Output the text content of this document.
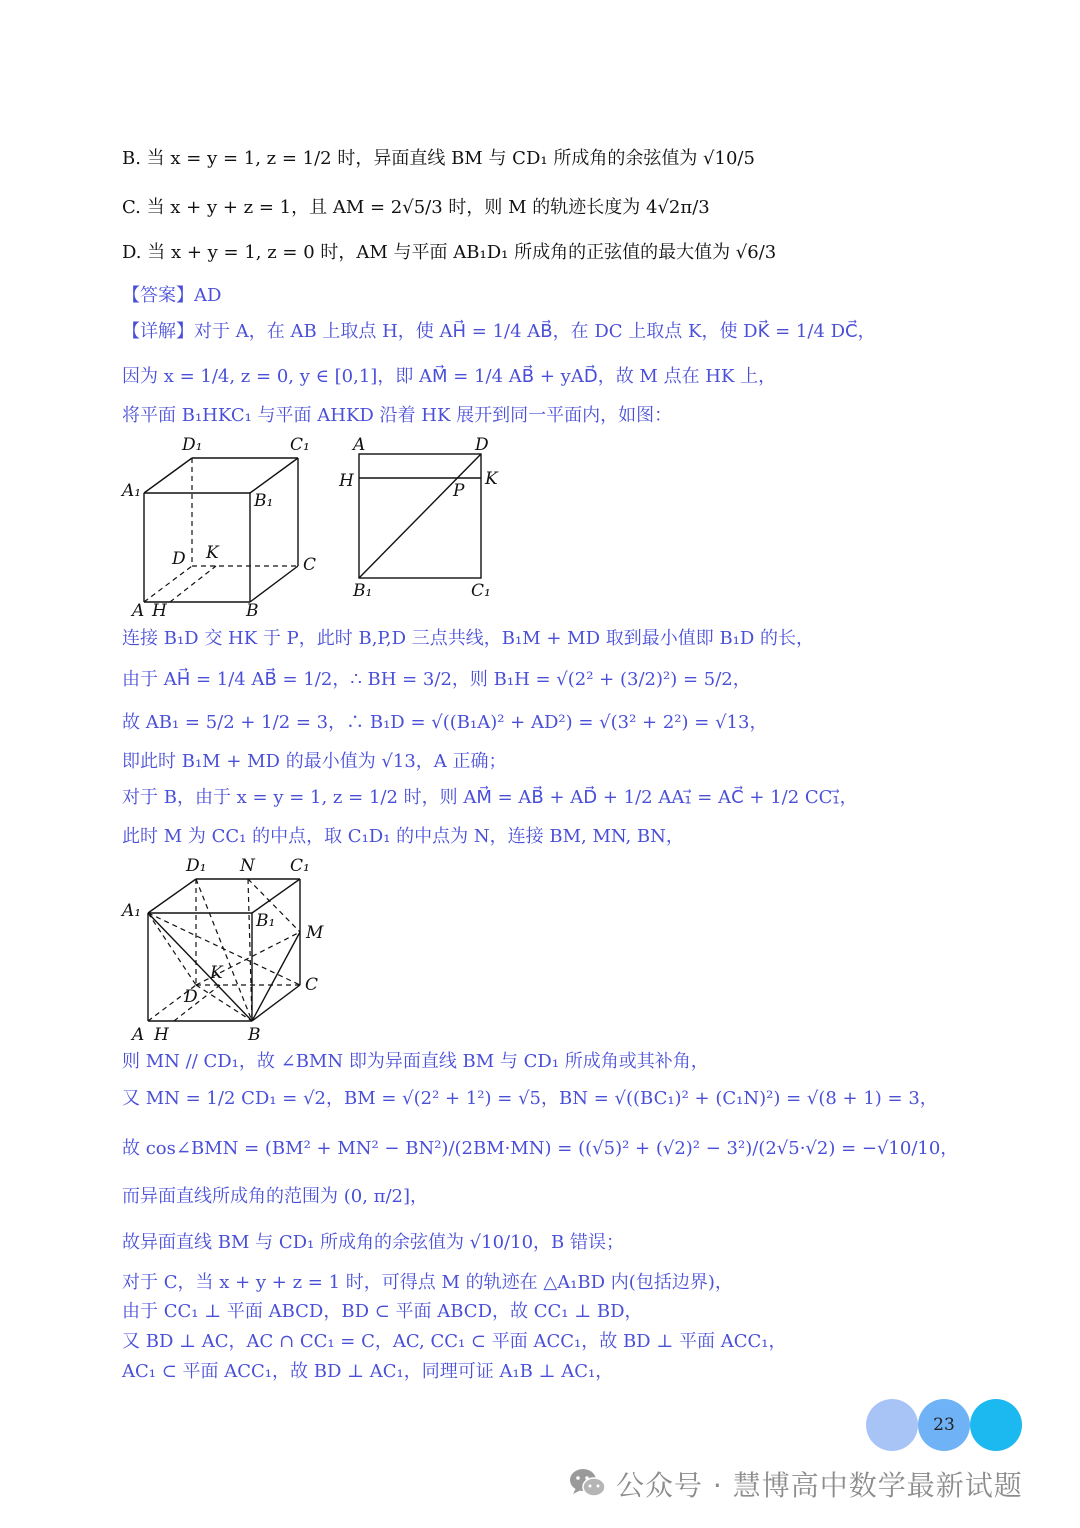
B. 当 x = y = 1, z = 1/2 时，异面直线 BM 与 CD₁ 所成角的余弦值为 √10/5
C. 当 x + y + z = 1，且 AM = 2√5/3 时，则 M 的轨迹长度为 4√2π/3
D. 当 x + y = 1, z = 0 时，AM 与平面 AB₁D₁ 所成角的正弦值的最大值为 √6/3
【答案】AD
【详解】对于 A，在 AB 上取点 H，使 AH⃗ = 1/4 AB⃗，在 DC 上取点 K，使 DK⃗ = 1/4 DC⃗，
因为 x = 1/4, z = 0, y ∈ [0,1]，即 AM⃗ = 1/4 AB⃗ + yAD⃗，故 M 点在 HK 上，
将平面 B₁HKC₁ 与平面 AHKD 沿着 HK 展开到同一平面内，如图：
D₁	C₁
A₁	B₁
D K
C
A H	B
A	D
H	K
P
B₁	C₁
连接 B₁D 交 HK 于 P，此时 B,P,D 三点共线，B₁M + MD 取到最小值即 B₁D 的长，
由于 AH⃗ = 1/4 AB⃗ = 1/2，∴ BH = 3/2，则 B₁H = √(2² + (3/2)²) = 5/2，
故 AB₁ = 5/2 + 1/2 = 3，∴ B₁D = √((B₁A)² + AD²) = √(3² + 2²) = √13，
即此时 B₁M + MD 的最小值为 √13，A 正确；
对于 B，由于 x = y = 1, z = 1/2 时，则 AM⃗ = AB⃗ + AD⃗ + 1/2 AA₁⃗ = AC⃗ + 1/2 CC₁⃗，
此时 M 为 CC₁ 的中点，取 C₁D₁ 的中点为 N，连接 BM, MN, BN，
D₁ N C₁
A₁	B₁
M
K
D
C
A H	B
则 MN // CD₁，故 ∠BMN 即为异面直线 BM 与 CD₁ 所成角或其补角，
又 MN = 1/2 CD₁ = √2，BM = √(2² + 1²) = √5，BN = √((BC₁)² + (C₁N)²) = √(8 + 1) = 3，
故 cos∠BMN = (BM² + MN² − BN²)/(2BM·MN) = ((√5)² + (√2)² − 3²)/(2√5·√2) = −√10/10，
而异面直线所成角的范围为 (0, π/2]，
故异面直线 BM 与 CD₁ 所成角的余弦值为 √10/10，B 错误；
对于 C，当 x + y + z = 1 时，可得点 M 的轨迹在 △A₁BD 内(包括边界)，
由于 CC₁ ⊥ 平面 ABCD，BD ⊂ 平面 ABCD，故 CC₁ ⊥ BD，
又 BD ⊥ AC，AC ∩ CC₁ = C，AC, CC₁ ⊂ 平面 ACC₁，故 BD ⊥ 平面 ACC₁，
AC₁ ⊂ 平面 ACC₁，故 BD ⊥ AC₁，同理可证 A₁B ⊥ AC₁，
23
公众号 · 慧博高中数学最新试题
